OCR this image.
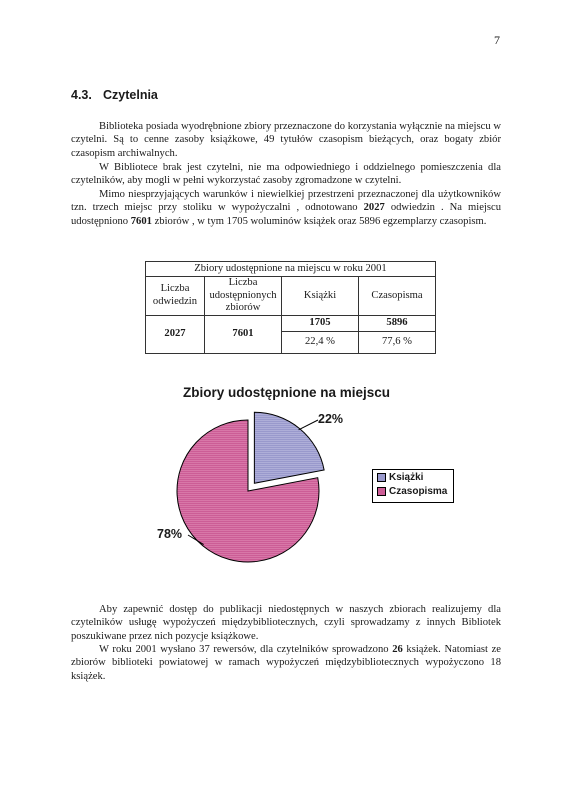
7
4.3. Czytelnia

Biblioteka posiada wyodrębnione zbiory przeznaczone do korzystania wyłącznie na miejscu w czytelni. Są to cenne zasoby książkowe, 49 tytułów czasopism bieżących, oraz bogaty zbiór czasopism archiwalnych.

W Bibliotece brak jest czytelni, nie ma odpowiedniego i oddzielnego pomieszczenia dla czytelników, aby mogli w pełni wykorzystać zasoby zgromadzone w czytelni.

Mimo niesprzyjających warunków i niewielkiej przestrzeni przeznaczonej dla użytkowników tzn. trzech miejsc przy stoliku w wypożyczalni , odnotowano 2027 odwiedzin . Na miejscu udostępniono 7601 zbiorów , w tym 1705 woluminów książek oraz 5896 egzemplarzy czasopism.

Zbiory udostępnione na miejscu w roku 2001			
Liczba odwiedzin	Liczba udostępnionych zbiorów	Książki	Czasopisma
2027	7601	1705	5896
		22,4 %	77,6 %
Zbiory udostępnione na miejscu
22%
78%
Książki
Czasopisma

Aby zapewnić dostęp do publikacji niedostępnych w naszych zbiorach realizujemy dla czytelników usługę wypożyczeń międzybibliotecznych, czyli sprowadzamy z innych Bibliotek poszukiwane przez nich pozycje książkowe.

W roku 2001 wysłano 37 rewersów, dla czytelników sprowadzono 26 książek. Natomiast ze zbiorów biblioteki powiatowej w ramach wypożyczeń międzybibliotecznych wypożyczono 18 książek.
